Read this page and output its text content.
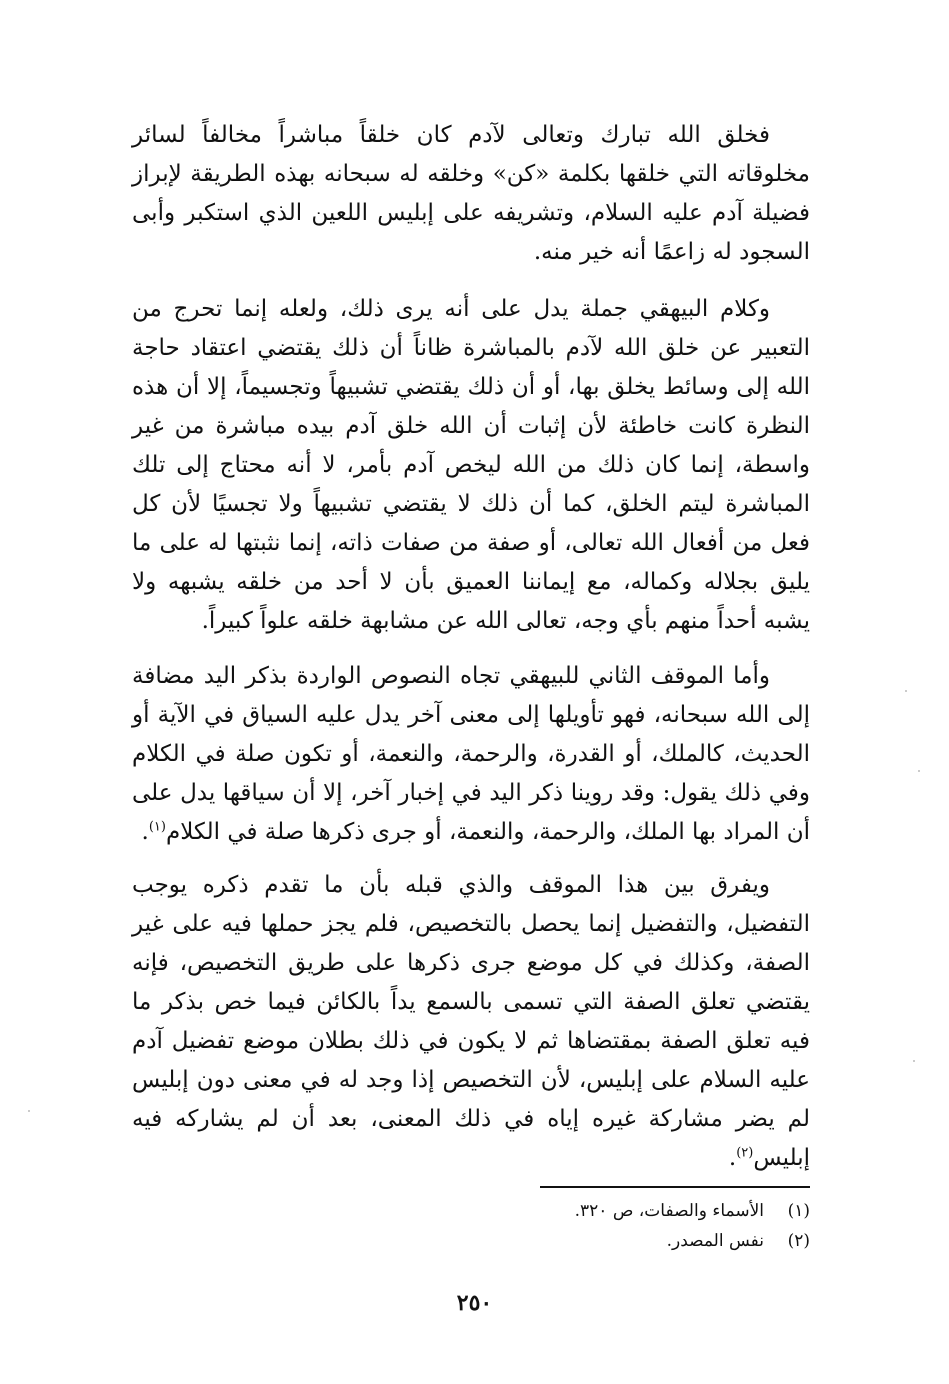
فخلق الله تبارك وتعالى لآدم كان خلقاً مباشراً مخالفاً لسائر مخلوقاته التي خلقها بكلمة «كن» وخلقه له سبحانه بهذه الطريقة لإبراز فضيلة آدم عليه السلام، وتشريفه على إبليس اللعين الذي استكبر وأبى السجود له زاعمًا أنه خير منه.

وكلام البيهقي جملة يدل على أنه يرى ذلك، ولعله إنما تحرج من التعبير عن خلق الله لآدم بالمباشرة ظاناً أن ذلك يقتضي اعتقاد حاجة الله إلى وسائط يخلق بها، أو أن ذلك يقتضي تشبيهاً وتجسيماً، إلا أن هذه النظرة كانت خاطئة لأن إثبات أن الله خلق آدم بيده مباشرة من غير واسطة، إنما كان ذلك من الله ليخص آدم بأمر، لا أنه محتاج إلى تلك المباشرة ليتم الخلق، كما أن ذلك لا يقتضي تشبيهاً ولا تجسيًا لأن كل فعل من أفعال الله تعالى، أو صفة من صفات ذاته، إنما نثبتها له على ما يليق بجلاله وكماله، مع إيماننا العميق بأن لا أحد من خلقه يشبهه ولا يشبه أحداً منهم بأي وجه، تعالى الله عن مشابهة خلقه علواً كبيراً.

وأما الموقف الثاني للبيهقي تجاه النصوص الواردة بذكر اليد مضافة إلى الله سبحانه، فهو تأويلها إلى معنى آخر يدل عليه السياق في الآية أو الحديث، كالملك، أو القدرة، والرحمة، والنعمة، أو تكون صلة في الكلام وفي ذلك يقول: وقد روينا ذكر اليد في إخبار آخر، إلا أن سياقها يدل على أن المراد بها الملك، والرحمة، والنعمة، أو جرى ذكرها صلة في الكلام$^{(١)}$.

ويفرق بين هذا الموقف والذي قبله بأن ما تقدم ذكره يوجب التفضيل، والتفضيل إنما يحصل بالتخصيص، فلم يجز حملها فيه على غير الصفة، وكذلك في كل موضع جرى ذكرها على طريق التخصيص، فإنه يقتضي تعلق الصفة التي تسمى بالسمع يداً بالكائن فيما خص بذكر ما فيه تعلق الصفة بمقتضاها ثم لا يكون في ذلك بطلان موضع تفضيل آدم عليه السلام على إبليس، لأن التخصيص إذا وجد له في معنى دون إبليس لم يضر مشاركة غيره إياه في ذلك المعنى، بعد أن لم يشاركه فيه إبليس$^{(٢)}$.

(١)الأسماء والصفات، ص ٣٢٠.

(٢)نفس المصدر.

٢٥٠
